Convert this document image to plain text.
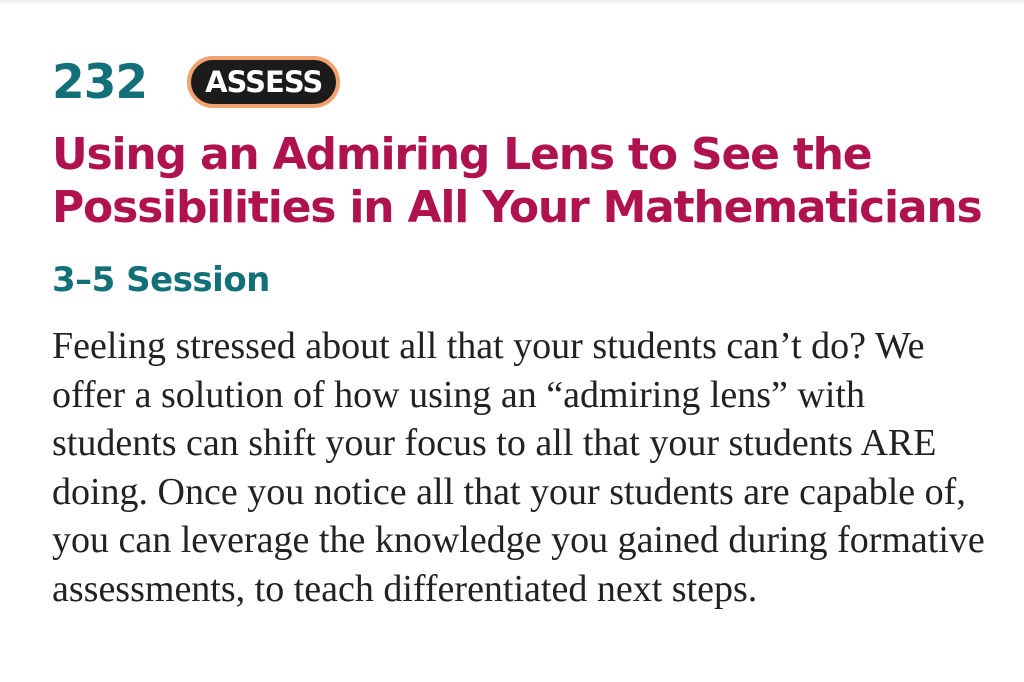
232	ASSESS
Using an Admiring Lens to See the Possibilities in All Your Mathematicians
3–5 Session

Feeling stressed about all that your students can’t do? We offer a solution of how using an “admiring lens” with students can shift your focus to all that your students ARE doing. Once you notice all that your students are capable of, you can leverage the knowledge you gained during formative assessments, to teach differentiated next steps.
